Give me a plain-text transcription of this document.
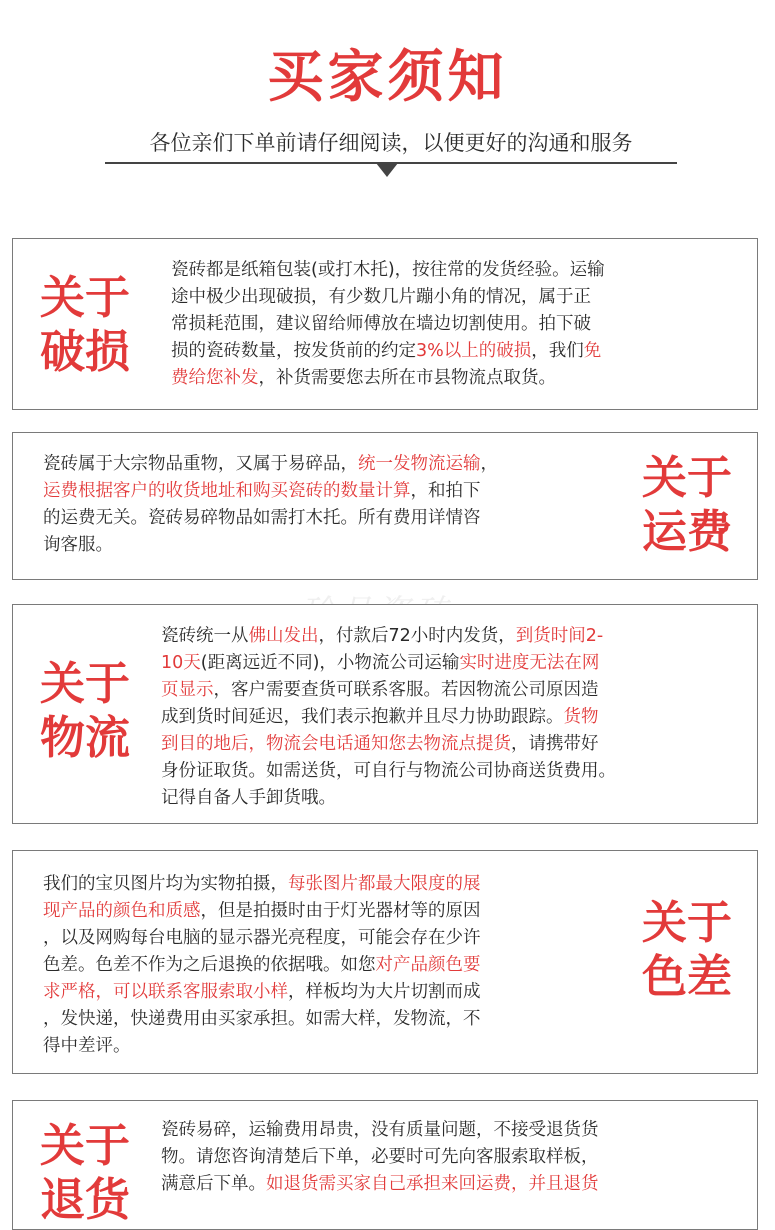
买家须知
各位亲们下单前请仔细阅读，以便更好的沟通和服务
关于
破损
瓷砖都是纸箱包装(或打木托)，按往常的发货经验。运输
途中极少出现破损，有少数几片蹦小角的情况，属于正
常损耗范围，建议留给师傅放在墙边切割使用。拍下破
损的瓷砖数量，按发货前的约定3%以上的破损，我们免
费给您补发，补货需要您去所在市县物流点取货。
瓷砖属于大宗物品重物，又属于易碎品，统一发物流运输，
运费根据客户的收货地址和购买瓷砖的数量计算，和拍下
的运费无关。瓷砖易碎物品如需打木托。所有费用详情咨
询客服。
关于
运费
关于
物流
瓷砖统一从佛山发出，付款后72小时内发货，到货时间2-
10天(距离远近不同)，小物流公司运输实时进度无法在网
页显示，客户需要查货可联系客服。若因物流公司原因造
成到货时间延迟，我们表示抱歉并且尽力协助跟踪。货物
到目的地后，物流会电话通知您去物流点提货，请携带好
身份证取货。如需送货，可自行与物流公司协商送货费用。
记得自备人手卸货哦。
我们的宝贝图片均为实物拍摄，每张图片都最大限度的展
现产品的颜色和质感，但是拍摄时由于灯光器材等的原因
，以及网购每台电脑的显示器光亮程度，可能会存在少许
色差。色差不作为之后退换的依据哦。如您对产品颜色要
求严格，可以联系客服索取小样，样板均为大片切割而成
，发快递，快递费用由买家承担。如需大样，发物流，不
得中差评。
关于
色差
关于
退货
瓷砖易碎，运输费用昂贵，没有质量问题，不接受退货货
物。请您咨询清楚后下单，必要时可先向客服索取样板，
满意后下单。如退货需买家自己承担来回运费，并且退货
